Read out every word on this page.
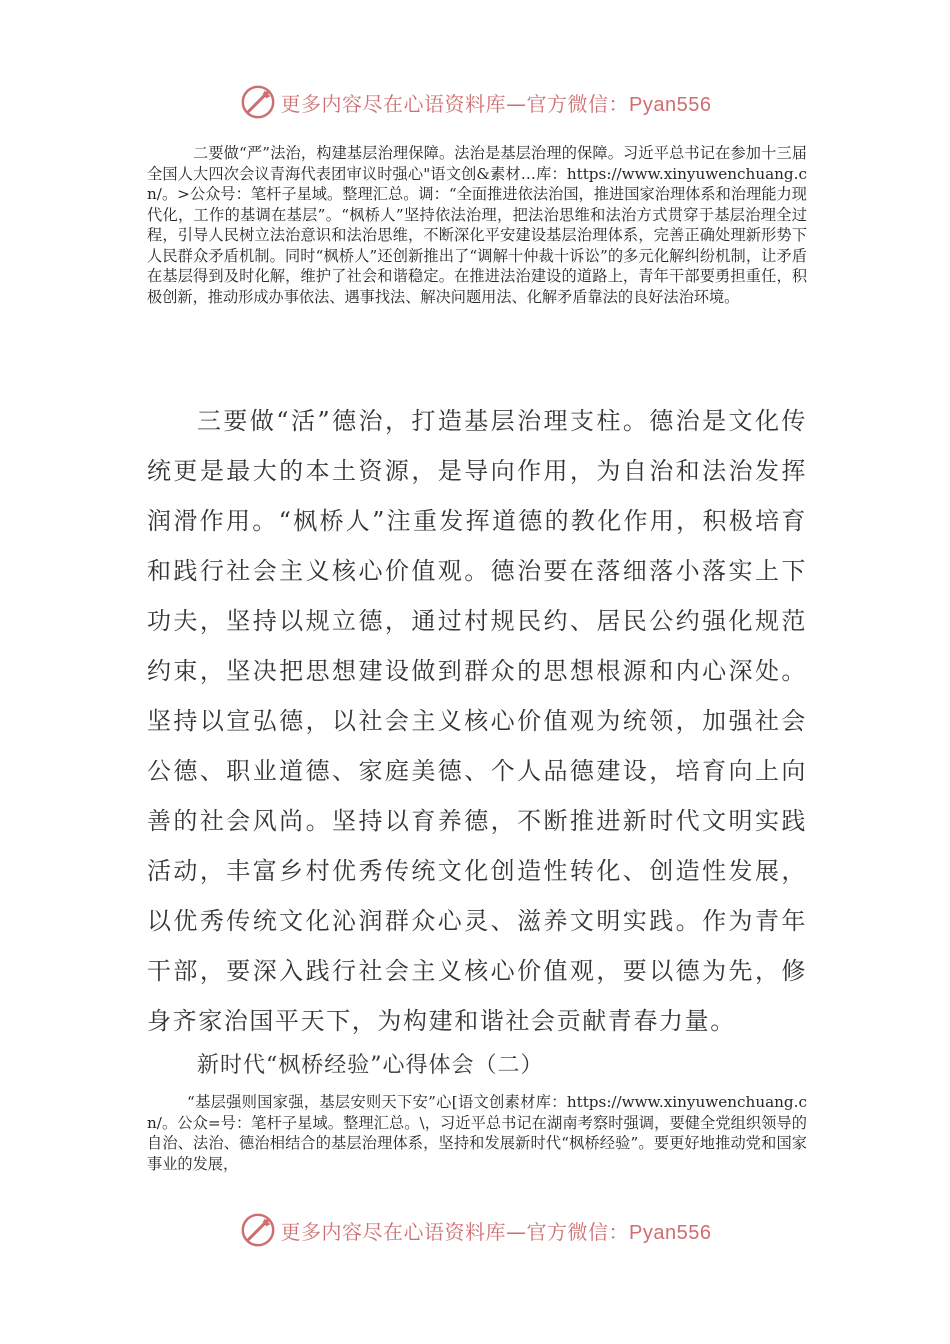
更多内容尽在心语资料库—官方微信：Pyan556
二要做“严”法治，构建基层治理保障。法治是基层治理的保障。习近平总书记在参加十三届全国人大四次会议青海代表团审议时强心"语文创&素材…库：https://www.xinyuwenchuang.cn/。>公众号：笔杆子星域。整理汇总。调：“全面推进依法治国，推进国家治理体系和治理能力现代化，工作的基调在基层”。“枫桥人”坚持依法治理，把法治思维和法治方式贯穿于基层治理全过程，引导人民树立法治意识和法治思维，不断深化平安建设基层治理体系，完善正确处理新形势下人民群众矛盾机制。同时“枫桥人”还创新推出了“调解十仲裁十诉讼”的多元化解纠纷机制，让矛盾在基层得到及时化解，维护了社会和谐稳定。在推进法治建设的道路上，青年干部要勇担重任，积极创新，推动形成办事依法、遇事找法、解决问题用法、化解矛盾靠法的良好法治环境。
三要做“活”德治，打造基层治理支柱。德治是文化传统更是最大的本土资源，是导向作用，为自治和法治发挥润滑作用。“枫桥人”注重发挥道德的教化作用，积极培育和践行社会主义核心价值观。德治要在落细落小落实上下功夫，坚持以规立德，通过村规民约、居民公约强化规范约束，坚决把思想建设做到群众的思想根源和内心深处。坚持以宣弘德，以社会主义核心价值观为统领，加强社会公德、职业道德、家庭美德、个人品德建设，培育向上向善的社会风尚。坚持以育养德，不断推进新时代文明实践活动，丰富乡村优秀传统文化创造性转化、创造性发展，以优秀传统文化沁润群众心灵、滋养文明实践。作为青年干部，要深入践行社会主义核心价值观，要以德为先，修身齐家治国平天下，为构建和谐社会贡献青春力量。
新时代“枫桥经验”心得体会（二）
“基层强则国家强，基层安则天下安”心[语文创素材库：https://www.xinyuwenchuang.cn/。公众=号：笔杆子星域。整理汇总。\，习近平总书记在湖南考察时强调，要健全党组织领导的自治、法治、德治相结合的基层治理体系，坚持和发展新时代“枫桥经验”。要更好地推动党和国家事业的发展，
更多内容尽在心语资料库—官方微信：Pyan556
